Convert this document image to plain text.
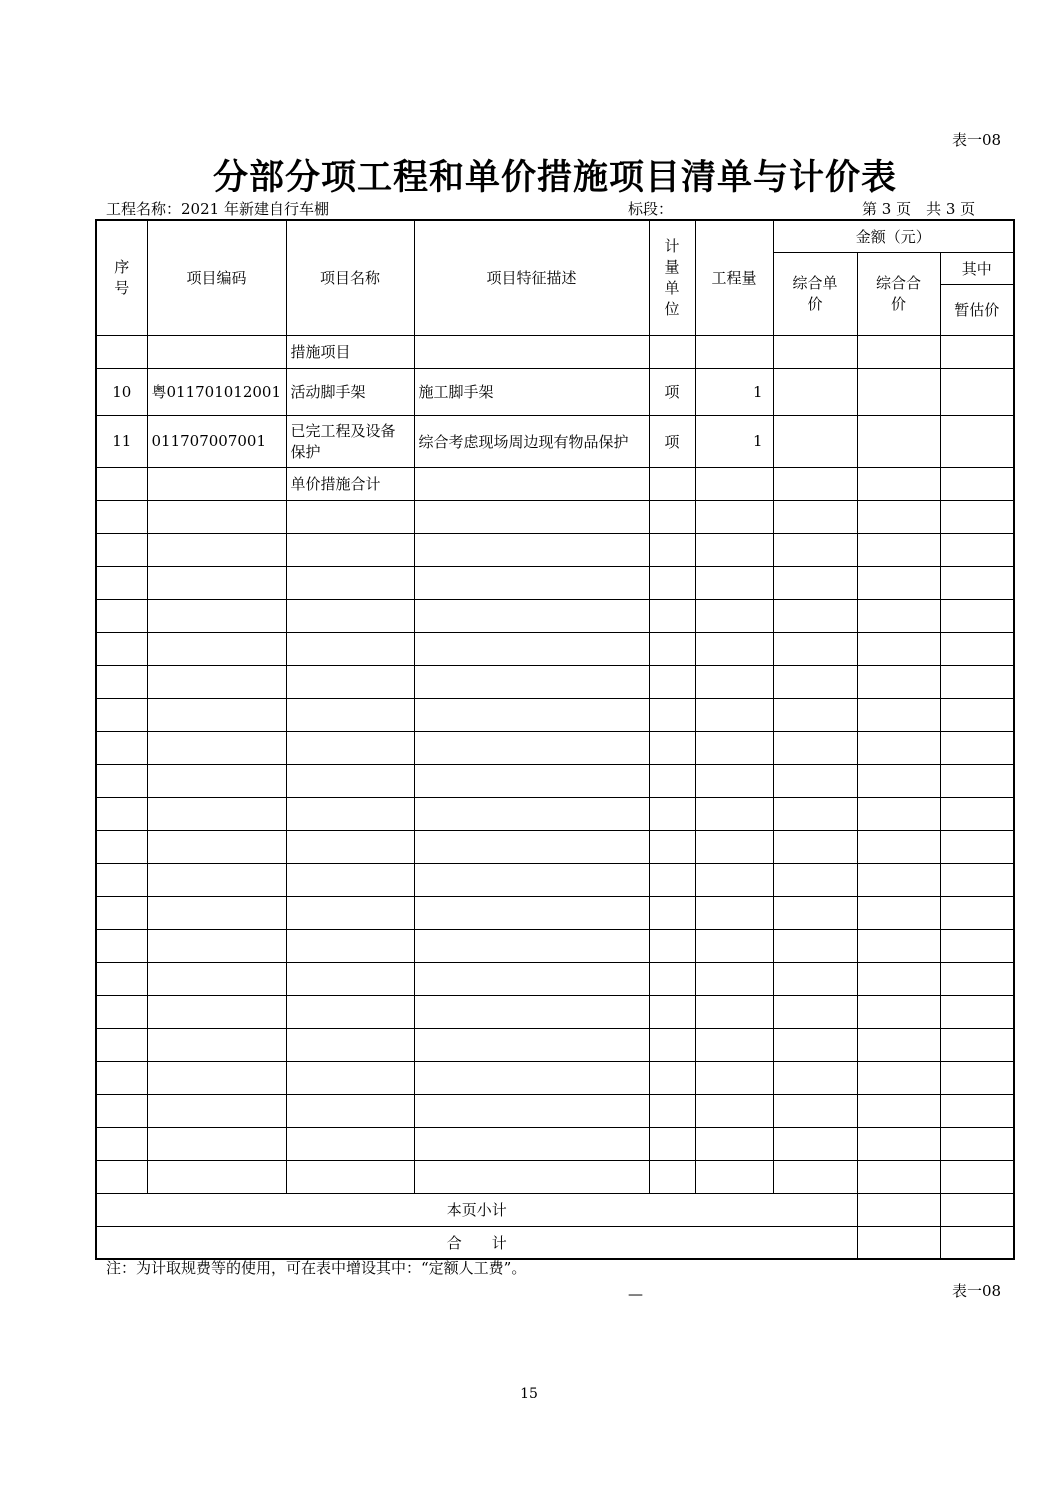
表一08
分部分项工程和单价措施项目清单与计价表
工程名称：2021 年新建自行车棚	标段：	第 3 页　共 3 页
序号	项目编码	项目名称	项目特征描述	计量单位	工程量	金额（元）		
						综合单价	综合合价	其中
								暂估价
		措施项目						
10	粤011701012001	活动脚手架	施工脚手架	项	1			
11	011707007001	已完工程及设备保护	综合考虑现场周边现有物品保护	项	1			
		单价措施合计						

本页小计								
合　　计								
注：为计取规费等的使用，可在表中增设其中：“定额人工费”。
表一08
—
15
